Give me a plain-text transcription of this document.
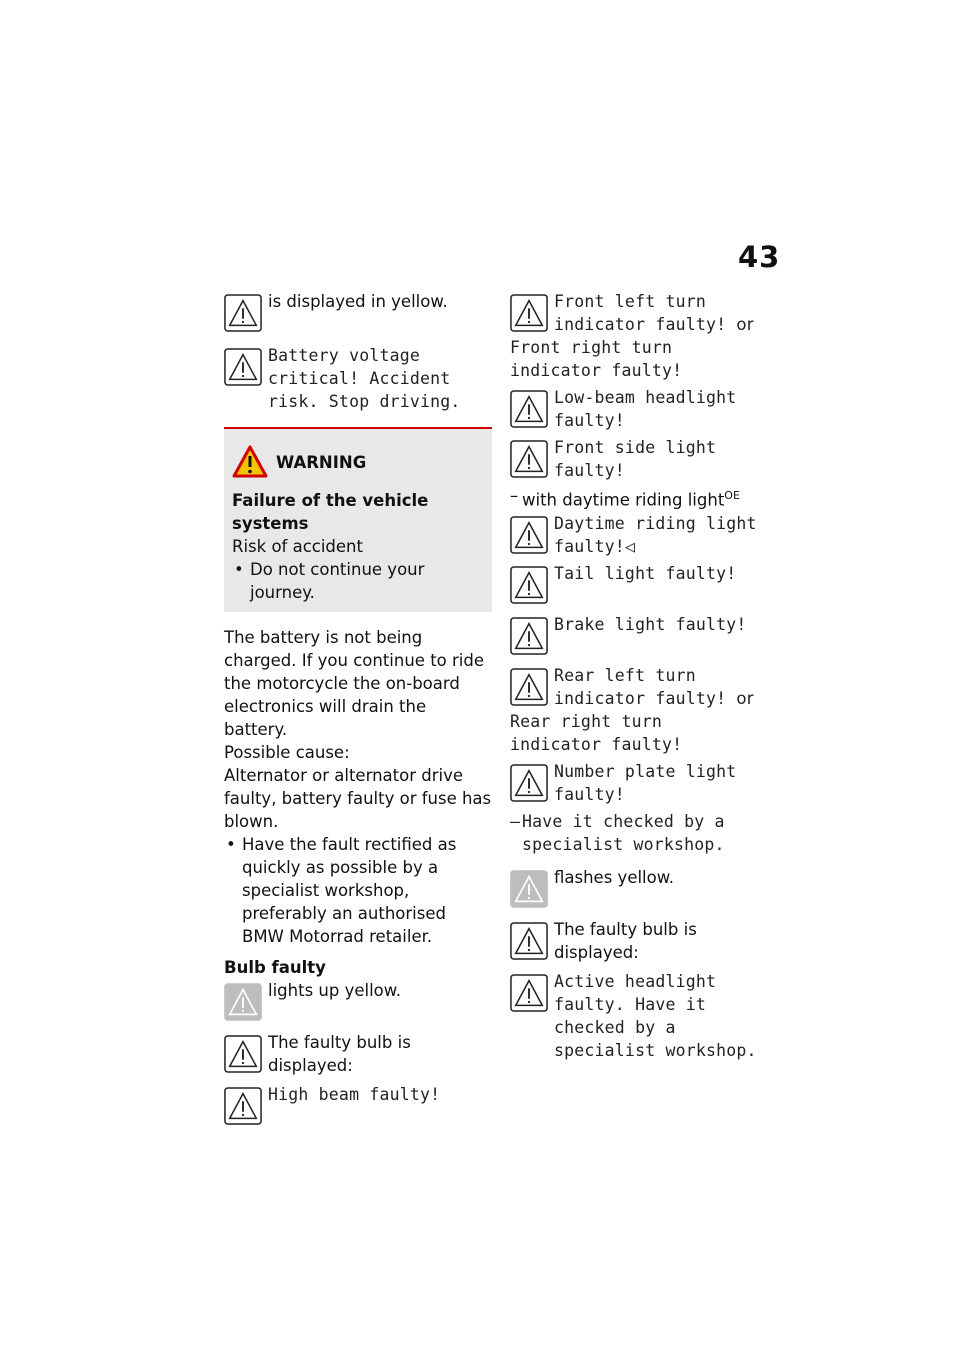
43
is displayed in yellow.
Battery voltage critical! Accident risk. Stop driving.
WARNING
Failure of the vehicle systems
Risk of accident
• Do not continue your journey.
The battery is not being charged. If you continue to ride the motorcycle the on-board electronics will drain the battery.
Possible cause:
Alternator or alternator drive faulty, battery faulty or fuse has blown.
• Have the fault rectified as quickly as possible by a specialist workshop, preferably an authorised BMW Motorrad retailer.
Bulb faulty
lights up yellow.
The faulty bulb is displayed:
High beam faulty!
Front left turn indicator faulty! or
Front right turn indicator faulty!
Low-beam headlight faulty!
Front side light faulty!
– with daytime riding light$^{OE}$
Daytime riding light faulty!◁
Tail light faulty!
Brake light faulty!
Rear left turn indicator faulty! or
Rear right turn indicator faulty!
Number plate light faulty!
– Have it checked by a specialist workshop.
flashes yellow.
The faulty bulb is displayed:
Active headlight faulty. Have it checked by a specialist workshop.
